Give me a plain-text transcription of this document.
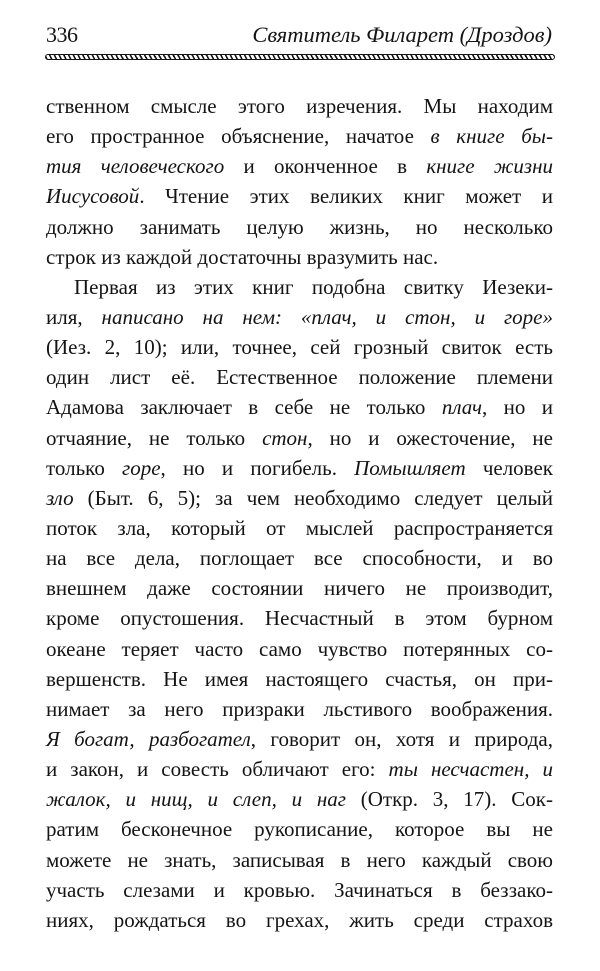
336	Святитель Филарет (Дроздов)
ственном смысле этого изречения. Мы находим
его пространное объяснение, начатое в книге бы-
тия человеческого и оконченное в книге жизни
Иисусовой. Чтение этих великих книг может и
должно занимать целую жизнь, но несколько
строк из каждой достаточны вразумить нас.
Первая из этих книг подобна свитку Иезеки-
иля, написано на нем: «плач, и стон, и горе»
(Иез. 2, 10); или, точнее, сей грозный свиток есть
один лист её. Естественное положение племени
Адамова заключает в себе не только плач, но и
отчаяние, не только стон, но и ожесточение, не
только горе, но и погибель. Помышляет человек
зло (Быт. 6, 5); за чем необходимо следует целый
поток зла, который от мыслей распространяется
на все дела, поглощает все способности, и во
внешнем даже состоянии ничего не производит,
кроме опустошения. Несчастный в этом бурном
океане теряет часто само чувство потерянных со-
вершенств. Не имея настоящего счастья, он при-
нимает за него призраки льстивого воображения.
Я богат, разбогател, говорит он, хотя и природа,
и закон, и совесть обличают его: ты несчастен, и
жалок, и нищ, и слеп, и наг (Откр. 3, 17). Сок-
ратим бесконечное рукописание, которое вы не
можете не знать, записывая в него каждый свою
участь слезами и кровью. Зачинаться в беззако-
ниях, рождаться во грехах, жить среди страхов
